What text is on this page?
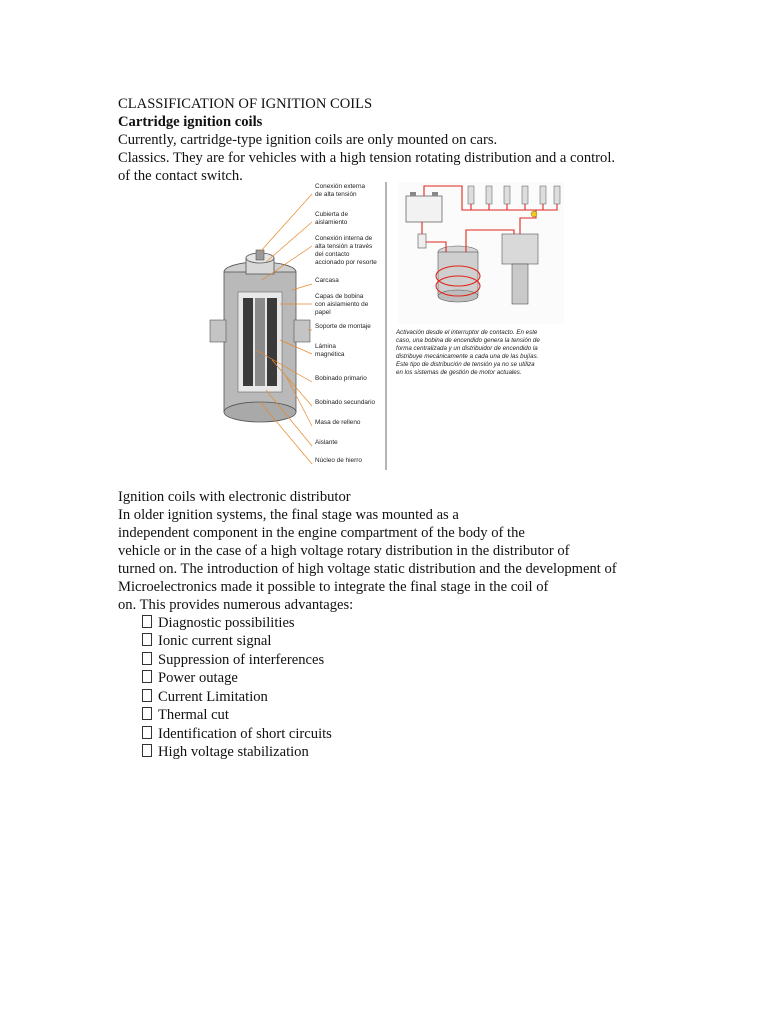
CLASSIFICATION OF IGNITION COILS
Cartridge ignition coils
Currently, cartridge-type ignition coils are only mounted on cars.
Classics. They are for vehicles with a high tension rotating distribution and a control.
of the contact switch.
Conexión externa de alta tensión
Cubierta de aislamiento
Conexión interna de alta tensión a través del contacto accionado por resorte
Carcasa
Capas de bobina con aislamiento de papel
Soporte de montaje
Lámina magnética
Bobinado primario
Bobinado secundario
Masa de relleno
Aislante
Núcleo de hierro
Activación desde el interruptor de contacto. En este
caso, una bobina de encendido genera la tensión de
forma centralizada y un distribuidor de encendido la
distribuye mecánicamente a cada una de las bujías.
Este tipo de distribución de tensión ya no se utiliza
en los sistemas de gestión de motor actuales.
Ignition coils with electronic distributor
In older ignition systems, the final stage was mounted as a
independent component in the engine compartment of the body of the
vehicle or in the case of a high voltage rotary distribution in the distributor of
turned on. The introduction of high voltage static distribution and the development of
Microelectronics made it possible to integrate the final stage in the coil of
on. This provides numerous advantages:
Diagnostic possibilities
Ionic current signal
Suppression of interferences
Power outage
Current Limitation
Thermal cut
Identification of short circuits
High voltage stabilization
